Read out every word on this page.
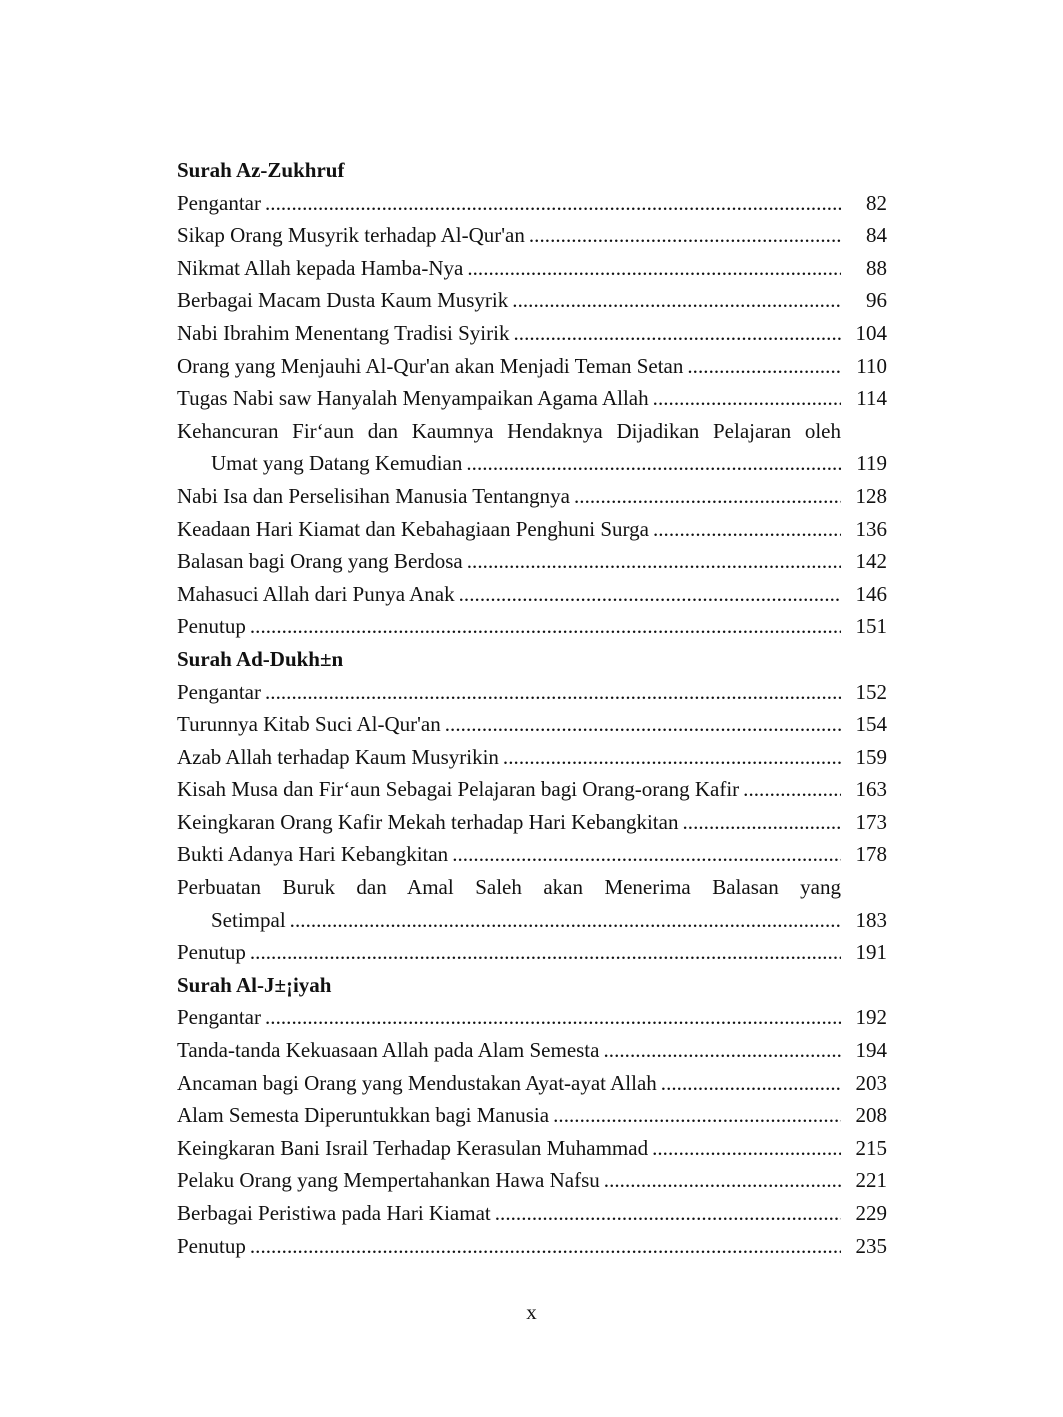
Surah Az-Zukhruf
Pengantar . . .	82
Sikap Orang Musyrik terhadap Al-Qur'an . . .	84
Nikmat Allah kepada Hamba-Nya . . .	88
Berbagai Macam Dusta Kaum Musyrik . . .	96
Nabi Ibrahim Menentang Tradisi Syirik . . .	104
Orang yang Menjauhi Al-Qur'an akan Menjadi Teman Setan . . .	110
Tugas Nabi saw Hanyalah Menyampaikan Agama Allah . . .	114
Kehancuran Fir‘aun dan Kaumnya Hendaknya Dijadikan Pelajaran oleh
Umat yang Datang Kemudian . . .	119
Nabi Isa dan Perselisihan Manusia Tentangnya . . .	128
Keadaan Hari Kiamat dan Kebahagiaan Penghuni Surga . . .	136
Balasan bagi Orang yang Berdosa . . .	142
Mahasuci Allah dari Punya Anak . . .	146
Penutup . . .	151
Surah Ad-Dukh±n
Pengantar . . .	152
Turunnya Kitab Suci Al-Qur'an . . .	154
Azab Allah terhadap Kaum Musyrikin . . .	159
Kisah Musa dan Fir‘aun Sebagai Pelajaran bagi Orang-orang Kafir . . .	163
Keingkaran Orang Kafir Mekah terhadap Hari Kebangkitan . . .	173
Bukti Adanya Hari Kebangkitan . . .	178
Perbuatan Buruk dan Amal Saleh akan Menerima Balasan yang
Setimpal . . .	183
Penutup . . .	191
Surah Al-J±¡iyah
Pengantar . . .	192
Tanda-tanda Kekuasaan Allah pada Alam Semesta . . .	194
Ancaman bagi Orang yang Mendustakan Ayat-ayat Allah . . .	203
Alam Semesta Diperuntukkan bagi Manusia . . .	208
Keingkaran Bani Israil Terhadap Kerasulan Muhammad . . .	215
Pelaku Orang yang Mempertahankan Hawa Nafsu . . .	221
Berbagai Peristiwa pada Hari Kiamat . . .	229
Penutup . . .	235
x
